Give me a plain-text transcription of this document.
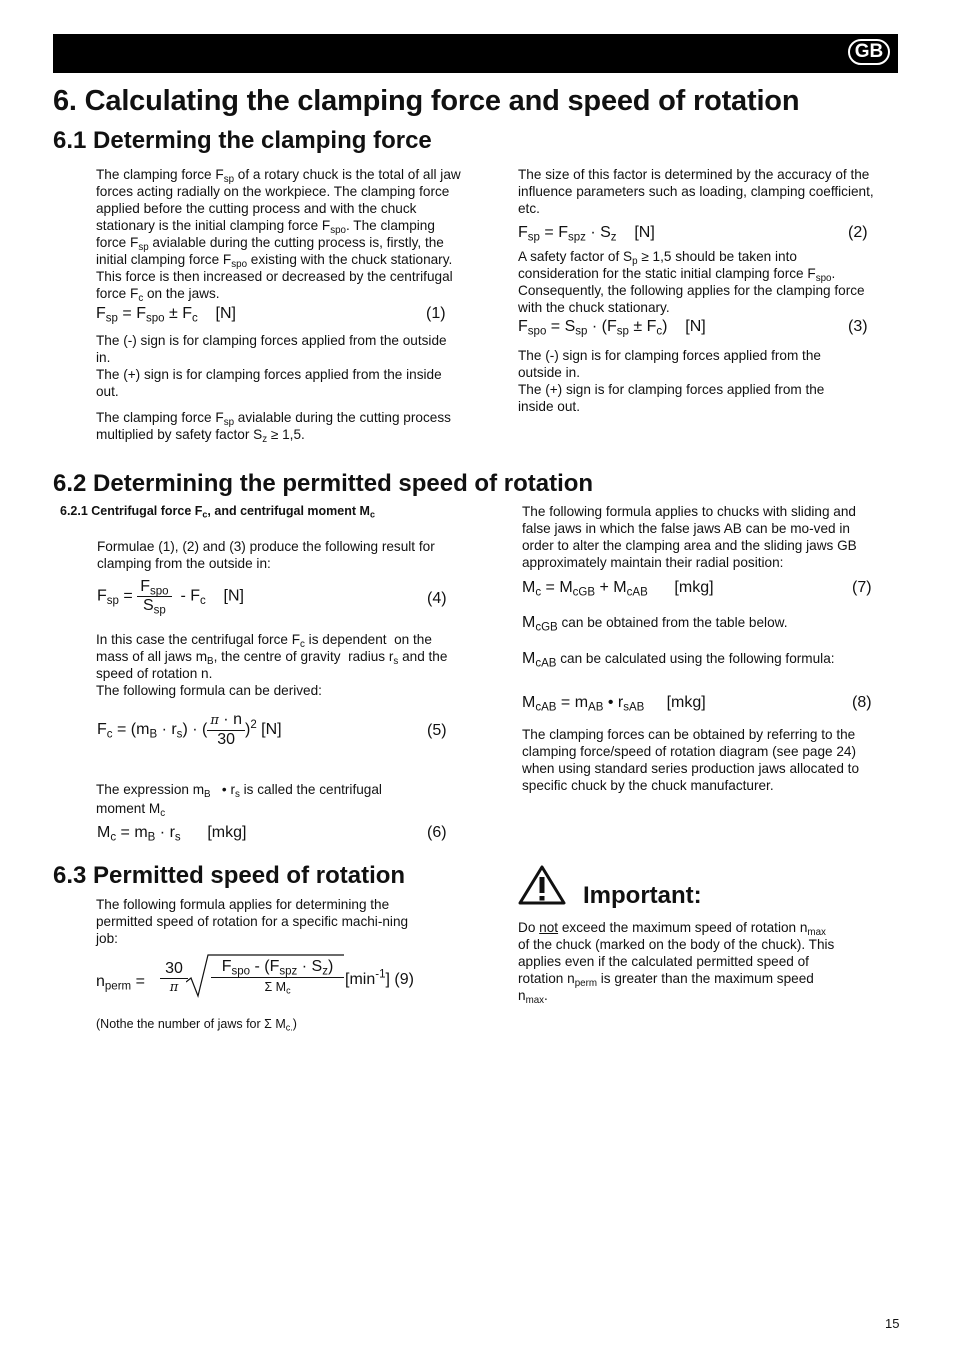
GB
6. Calculating the clamping force and speed of rotation
6.1 Determing the clamping force

The clamping force $F_{sp}$ of a rotary chuck is the total of all jaw forces acting radially on the workpiece. The clamping force applied before the cutting process and with the chuck stationary is the initial clamping force $F_{spo}$. The clamping force $F_{sp}$ avialable during the cutting process is, firstly, the initial clamping force $F_{spo}$ existing with the chuck stationary. This force is then increased or decreased by the centrifugal force $F_c$ on the jaws.

$F_{sp} = F_{spo} \pm F_c$    [N]	(1)

The (-) sign is for clamping forces applied from the outside in.
The (+) sign is for clamping forces applied from the inside out.

The clamping force $F_{sp}$ avialable during the cutting process multiplied by safety factor $S_z \ge 1,5$.

The size of this factor is determined by the accuracy of the influence parameters such as loading, clamping coefficient, etc.

$F_{sp} = F_{spz} \cdot S_z$    [N]	(2)

A safety factor of $S_p \ge 1,5$ should be taken into consideration for the static initial clamping force $F_{spo}$. Consequently, the following applies for the clamping force with the chuck stationary.

$F_{spo} = S_{sp} \cdot (F_{sp} \pm F_c)$    [N]	(3)

The (-) sign is for clamping forces applied from the outside in.
The (+) sign is for clamping forces applied from the inside out.

6.2 Determining the permitted speed of rotation
6.2.1 Centrifugal force $F_c$, and centrifugal moment $M_c$

Formulae (1), (2) and (3) produce the following result for clamping from the outside in:

$F_{sp} = \frac{F_{spo}}{S_{sp}} - F_c$    [N]	(4)

In this case the centrifugal force $F_c$ is dependent  on the mass of all jaws $m_B$, the centre of gravity  radius $r_s$ and the speed of rotation n.
The following formula can be derived:

$F_c = (m_B \cdot r_s)$ · ( $\frac{\pi \cdot n}{30} )^2$ [N]	(5)

The expression $m_B$   • $r_s$ is called the centrifugal moment $M_c$

$M_c = m_B \cdot r_s$      [mkg]	(6)

The following formula applies to chucks with sliding and false jaws in which the false jaws AB can be mo-ved in order to alter the clamping area and the sliding jaws GB approximately maintain their radial position:

$M_c = M_{cGB} + M_{cAB}$      [mkg]	(7)

$M_{cGB}$ can be obtained from the table below.

$M_{cAB}$ can be calculated using the following formula:

$M_{cAB} = m_{AB}$ • $r_{sAB}$     [mkg]	(8)

The clamping forces can be obtained by referring to the clamping force/speed of rotation diagram (see page 24) when using standard series production jaws allocated to specific chuck by the chuck manufacturer.

6.3 Permitted speed of rotation

The following formula applies for determining the permitted speed of rotation for a specific machi-ning job:

$n_{perm}$ =
30
π
$F_{spo} - (F_{spz} \cdot S_z)$
Σ $M_c$
$[\min^{-1}]$ (9)
(Nothe the number of jaws for Σ $M_{c.}$)
Important:

Do not exceed the maximum speed of rotation $n_{max}$ of the chuck (marked on the body of the chuck). This applies even if the calculated permitted speed of rotation $n_{perm}$ is greater than the maximum speed $n_{max}$.

15
